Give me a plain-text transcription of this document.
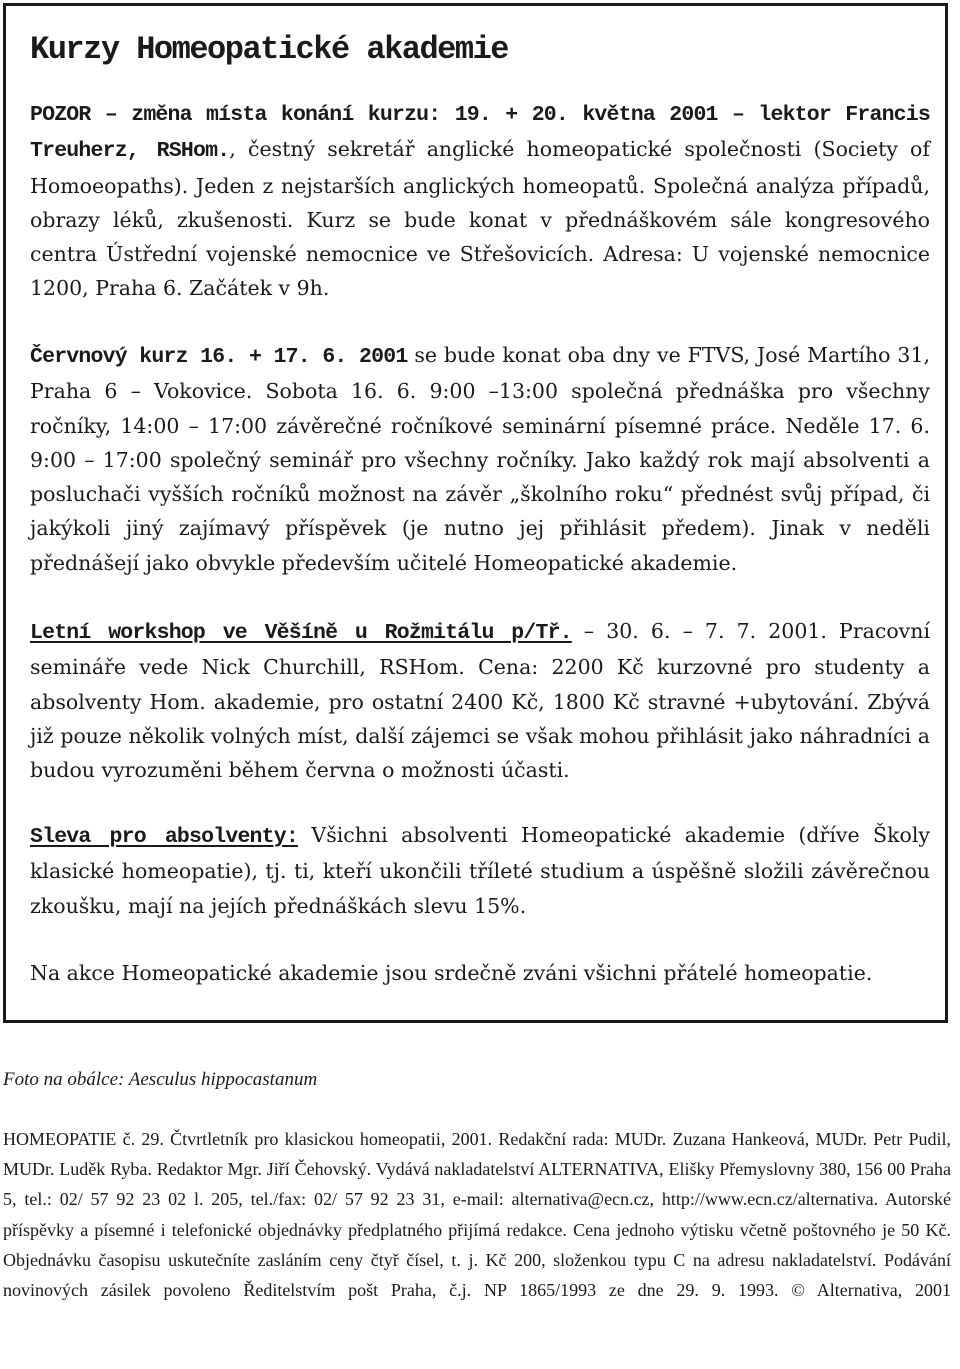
Kurzy Homeopatické akademie

POZOR – změna místa konání kurzu: 19. + 20. května 2001 – lektor Francis Treuherz, RSHom., čestný sekretář anglické homeopatické společnosti (Society of Homoeopaths). Jeden z nejstarších anglických homeopatů. Společná analýza případů, obrazy léků, zkušenosti. Kurz se bude konat v přednáškovém sále kongresového centra Ústřední vojenské nemocnice ve Střešovicích. Adresa: U vojenské nemocnice 1200, Praha 6. Začátek v 9h.

Červnový kurz 16. + 17. 6. 2001 se bude konat oba dny ve FTVS, José Martího 31, Praha 6 – Vokovice. Sobota 16. 6. 9:00 –13:00 společná přednáška pro všechny ročníky, 14:00 – 17:00 závěrečné ročníkové seminární písemné práce. Neděle 17. 6. 9:00 – 17:00 společný seminář pro všechny ročníky. Jako každý rok mají absolventi a posluchači vyšších ročníků možnost na závěr „školního roku“ přednést svůj případ, či jakýkoli jiný zajímavý příspěvek (je nutno jej přihlásit předem). Jinak v neděli přednášejí jako obvykle především učitelé Homeopatické akademie.

Letní workshop ve Věšíně u Rožmitálu p/Tř. – 30. 6. – 7. 7. 2001. Pracovní semináře vede Nick Churchill, RSHom. Cena: 2200 Kč kurzovné pro studenty a absolventy Hom. akademie, pro ostatní 2400 Kč, 1800 Kč stravné +ubytování. Zbývá již pouze několik volných míst, další zájemci se však mohou přihlásit jako náhradníci a budou vyrozuměni během června o možnosti účasti.

Sleva pro absolventy: Všichni absolventi Homeopatické akademie (dříve Školy klasické homeopatie), tj. ti, kteří ukončili tříleté studium a úspěšně složili závěrečnou zkoušku, mají na jejích přednáškách slevu 15%.

Na akce Homeopatické akademie jsou srdečně zváni všichni přátelé homeopatie.

Foto na obálce: Aesculus hippocastanum

HOMEOPATIE č. 29. Čtvrtletník pro klasickou homeopatii, 2001. Redakční rada: MUDr. Zuzana Hankeová, MUDr. Petr Pudil, MUDr. Luděk Ryba. Redaktor Mgr. Jiří Čehovský. Vydává nakladatelství ALTERNATIVA, Elišky Přemyslovny 380, 156 00 Praha 5, tel.: 02/ 57 92 23 02 l. 205, tel./fax: 02/ 57 92 23 31, e-mail: alternativa@ecn.cz, http://www.ecn.cz/alternativa. Autorské příspěvky a písemné i telefonické objednávky předplatného přijímá redakce. Cena jednoho výtisku včetně poštovného je 50 Kč. Objednávku časopisu uskutečníte zasláním ceny čtyř čísel, t. j. Kč 200, složenkou typu C na adresu nakladatelství. Podávání novinových zásilek povoleno Ředitelstvím pošt Praha, č.j. NP 1865/1993 ze dne 29. 9. 1993. © Alternativa, 2001
